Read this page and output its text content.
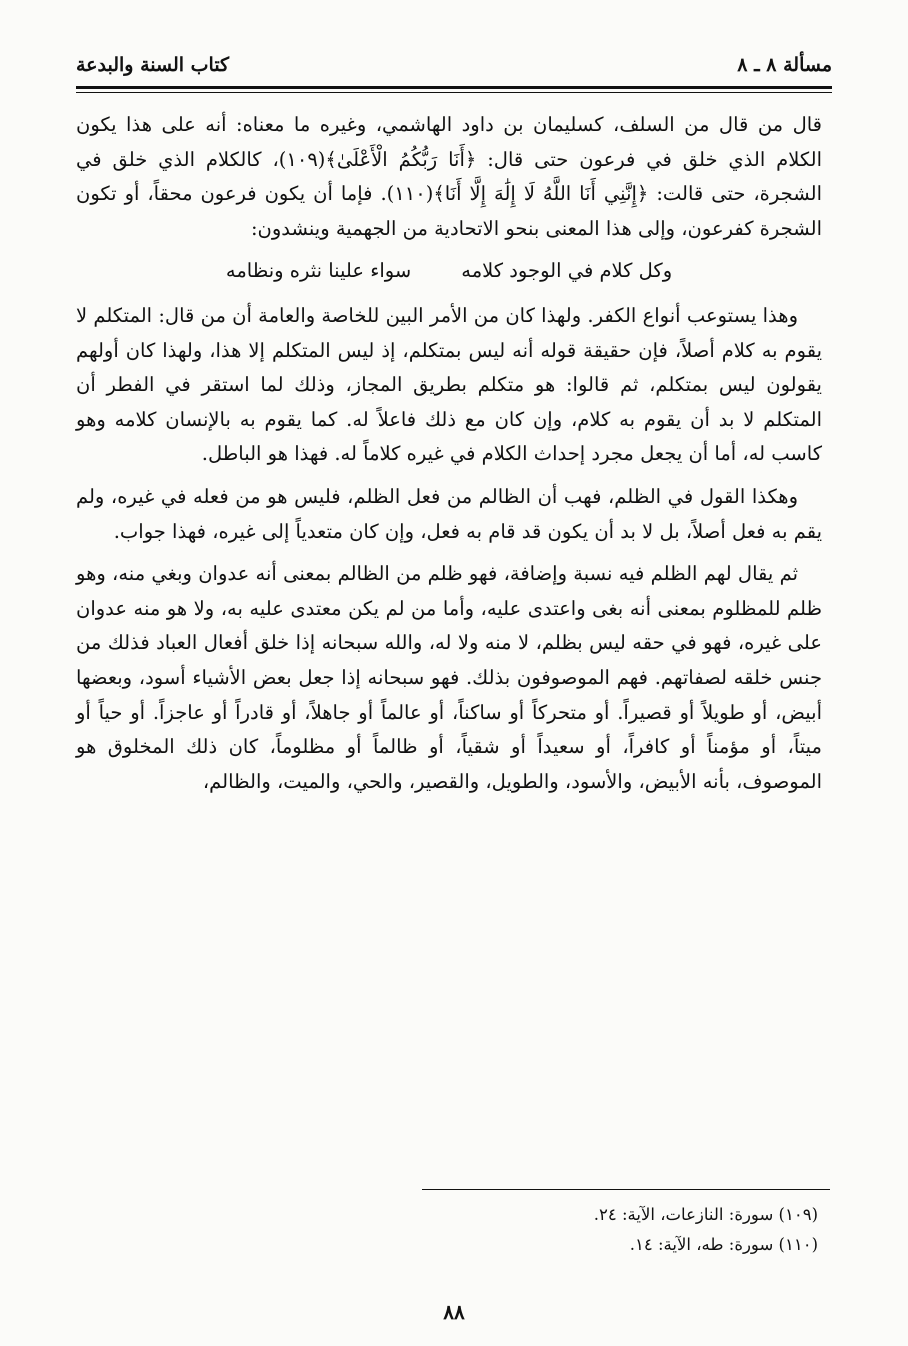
مسألة ٨ ـ ٨
كتاب السنة والبدعة

قال من قال من السلف، كسليمان بن داود الهاشمي، وغيره ما معناه: أنه على هذا يكون الكلام الذي خلق في فرعون حتى قال: ﴿أَنَا رَبُّكُمُ الْأَعْلَىٰ﴾(١٠٩)، كالكلام الذي خلق في الشجرة، حتى قالت: ﴿إِنَّنِي أَنَا اللَّهُ لَا إِلَٰهَ إِلَّا أَنَا﴾(١١٠). فإما أن يكون فرعون محقاً، أو تكون الشجرة كفرعون، وإلى هذا المعنى بنحو الاتحادية من الجهمية وينشدون:

وكل كلام في الوجود كلامه
سواء علينا نثره ونظامه

وهذا يستوعب أنواع الكفر. ولهذا كان من الأمر البين للخاصة والعامة أن من قال: المتكلم لا يقوم به كلام أصلاً، فإن حقيقة قوله أنه ليس بمتكلم، إذ ليس المتكلم إلا هذا، ولهذا كان أولهم يقولون ليس بمتكلم، ثم قالوا: هو متكلم بطريق المجاز، وذلك لما استقر في الفطر أن المتكلم لا بد أن يقوم به كلام، وإن كان مع ذلك فاعلاً له. كما يقوم به بالإنسان كلامه وهو كاسب له، أما أن يجعل مجرد إحداث الكلام في غيره كلاماً له. فهذا هو الباطل.

وهكذا القول في الظلم، فهب أن الظالم من فعل الظلم، فليس هو من فعله في غيره، ولم يقم به فعل أصلاً، بل لا بد أن يكون قد قام به فعل، وإن كان متعدياً إلى غيره، فهذا جواب.

ثم يقال لهم الظلم فيه نسبة وإضافة، فهو ظلم من الظالم بمعنى أنه عدوان وبغي منه، وهو ظلم للمظلوم بمعنى أنه بغى واعتدى عليه، وأما من لم يكن معتدى عليه به، ولا هو منه عدوان على غيره، فهو في حقه ليس بظلم، لا منه ولا له، والله سبحانه إذا خلق أفعال العباد فذلك من جنس خلقه لصفاتهم. فهم الموصوفون بذلك. فهو سبحانه إذا جعل بعض الأشياء أسود، وبعضها أبيض، أو طويلاً أو قصيراً. أو متحركاً أو ساكناً، أو عالماً أو جاهلاً، أو قادراً أو عاجزاً. أو حياً أو ميتاً، أو مؤمناً أو كافراً، أو سعيداً أو شقياً، أو ظالماً أو مظلوماً، كان ذلك المخلوق هو الموصوف، بأنه الأبيض، والأسود، والطويل، والقصير، والحي، والميت، والظالم،

(١٠٩) سورة: النازعات، الآية: ٢٤.
(١١٠) سورة: طه، الآية: ١٤.
٨٨
